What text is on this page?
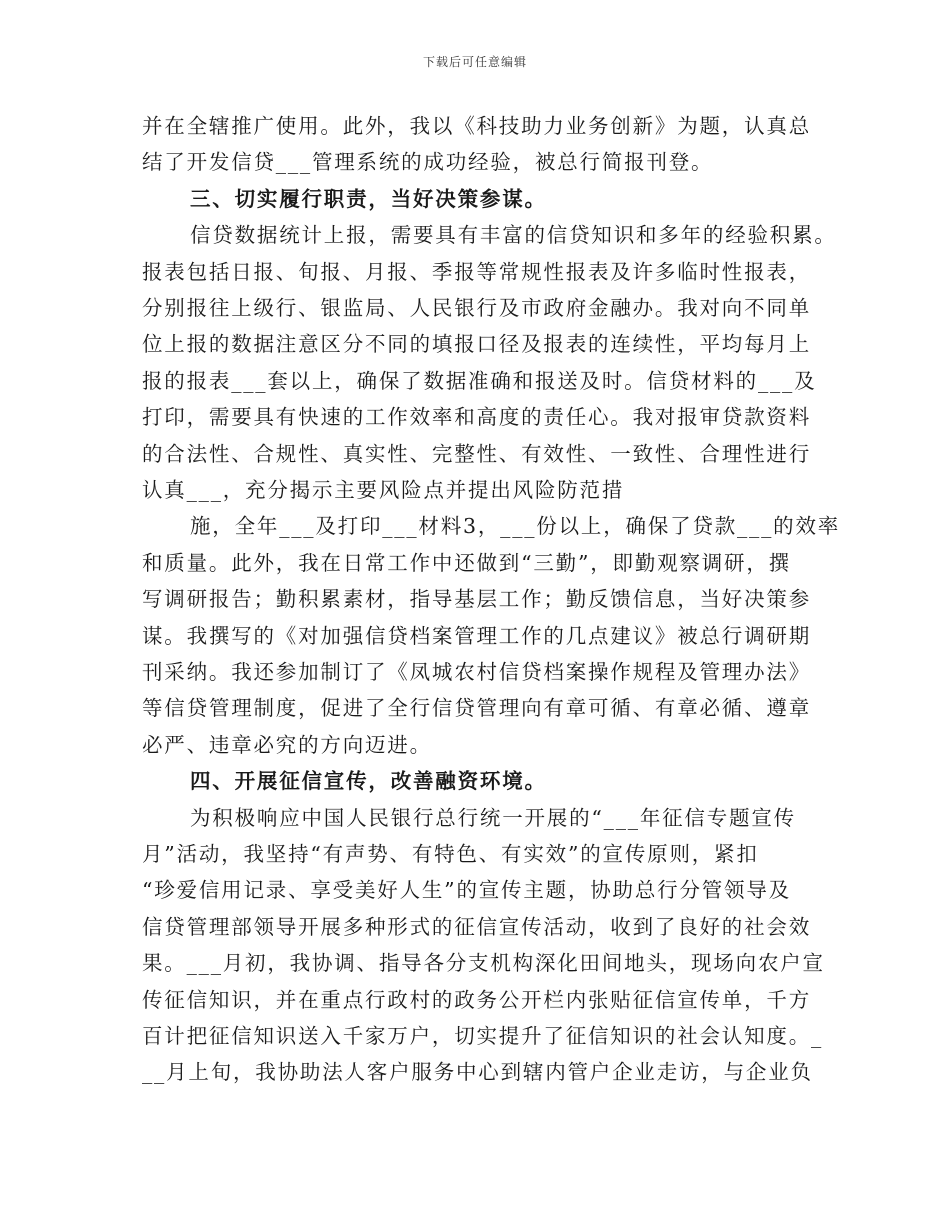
下载后可任意编辑
并在全辖推广使用。此外，我以《科技助力业务创新》为题，认真总
结了开发信贷___管理系统的成功经验，被总行简报刊登。
三、切实履行职责，当好决策参谋。
信贷数据统计上报，需要具有丰富的信贷知识和多年的经验积累。
报表包括日报、旬报、月报、季报等常规性报表及许多临时性报表，
分别报往上级行、银监局、人民银行及市政府金融办。我对向不同单
位上报的数据注意区分不同的填报口径及报表的连续性，平均每月上
报的报表___套以上，确保了数据准确和报送及时。信贷材料的___及
打印，需要具有快速的工作效率和高度的责任心。我对报审贷款资料
的合法性、合规性、真实性、完整性、有效性、一致性、合理性进行
认真___，充分揭示主要风险点并提出风险防范措
施，全年___及打印___材料3，___份以上，确保了贷款___的效率
和质量。此外，我在日常工作中还做到“三勤”，即勤观察调研，撰
写调研报告；勤积累素材，指导基层工作；勤反馈信息，当好决策参
谋。我撰写的《对加强信贷档案管理工作的几点建议》被总行调研期
刊采纳。我还参加制订了《凤城农村信贷档案操作规程及管理办法》
等信贷管理制度，促进了全行信贷管理向有章可循、有章必循、遵章
必严、违章必究的方向迈进。
四、开展征信宣传，改善融资环境。
为积极响应中国人民银行总行统一开展的“___年征信专题宣传
月”活动，我坚持“有声势、有特色、有实效”的宣传原则，紧扣
“珍爱信用记录、享受美好人生”的宣传主题，协助总行分管领导及
信贷管理部领导开展多种形式的征信宣传活动，收到了良好的社会效
果。___月初，我协调、指导各分支机构深化田间地头，现场向农户宣
传征信知识，并在重点行政村的政务公开栏内张贴征信宣传单，千方
百计把征信知识送入千家万户，切实提升了征信知识的社会认知度。_
__月上旬，我协助法人客户服务中心到辖内管户企业走访，与企业负
